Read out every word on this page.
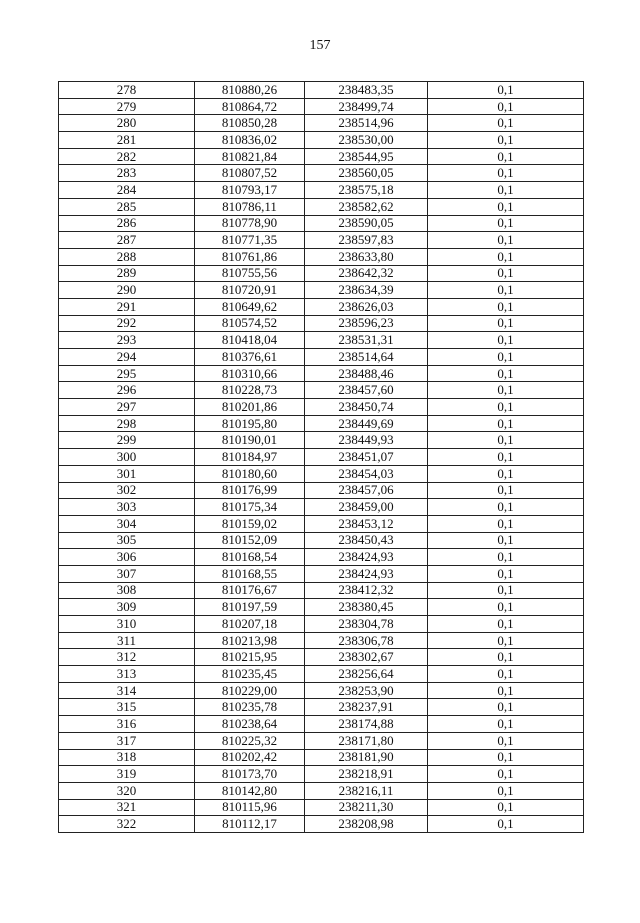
157
278	810880,26	238483,35	0,1
279	810864,72	238499,74	0,1
280	810850,28	238514,96	0,1
281	810836,02	238530,00	0,1
282	810821,84	238544,95	0,1
283	810807,52	238560,05	0,1
284	810793,17	238575,18	0,1
285	810786,11	238582,62	0,1
286	810778,90	238590,05	0,1
287	810771,35	238597,83	0,1
288	810761,86	238633,80	0,1
289	810755,56	238642,32	0,1
290	810720,91	238634,39	0,1
291	810649,62	238626,03	0,1
292	810574,52	238596,23	0,1
293	810418,04	238531,31	0,1
294	810376,61	238514,64	0,1
295	810310,66	238488,46	0,1
296	810228,73	238457,60	0,1
297	810201,86	238450,74	0,1
298	810195,80	238449,69	0,1
299	810190,01	238449,93	0,1
300	810184,97	238451,07	0,1
301	810180,60	238454,03	0,1
302	810176,99	238457,06	0,1
303	810175,34	238459,00	0,1
304	810159,02	238453,12	0,1
305	810152,09	238450,43	0,1
306	810168,54	238424,93	0,1
307	810168,55	238424,93	0,1
308	810176,67	238412,32	0,1
309	810197,59	238380,45	0,1
310	810207,18	238304,78	0,1
311	810213,98	238306,78	0,1
312	810215,95	238302,67	0,1
313	810235,45	238256,64	0,1
314	810229,00	238253,90	0,1
315	810235,78	238237,91	0,1
316	810238,64	238174,88	0,1
317	810225,32	238171,80	0,1
318	810202,42	238181,90	0,1
319	810173,70	238218,91	0,1
320	810142,80	238216,11	0,1
321	810115,96	238211,30	0,1
322	810112,17	238208,98	0,1
